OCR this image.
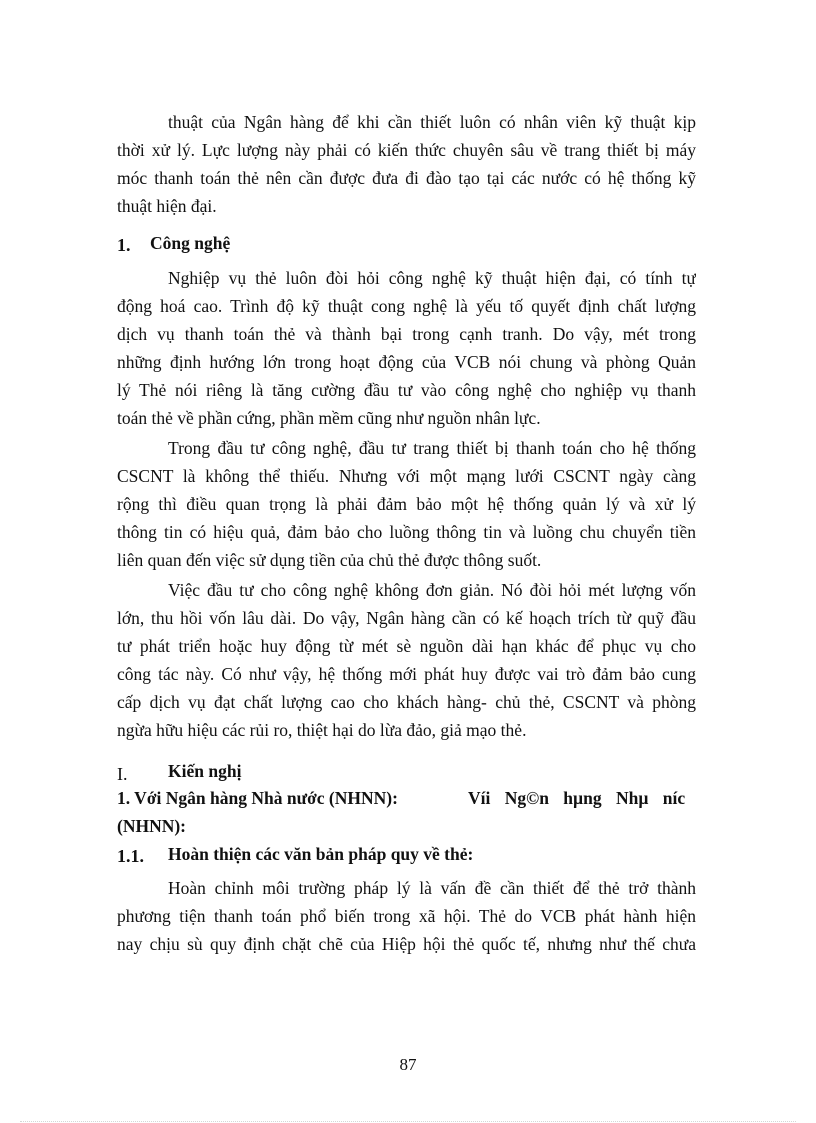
thuật của Ngân hàng để khi cần thiết luôn có nhân viên kỹ thuật kịp
thời xử lý. Lực lượng này phải có kiến thức chuyên sâu về trang thiết bị máy
móc thanh toán thẻ nên cần được đưa đi đào tạo tại các nước có hệ thống kỹ
thuật hiện đại.
1. Công nghệ
Nghiệp vụ thẻ luôn đòi hỏi công nghệ kỹ thuật hiện đại, có tính tự
động hoá cao. Trình độ kỹ thuật cong nghệ là yếu tố quyết định chất lượng
dịch vụ thanh toán thẻ và thành bại trong cạnh tranh. Do vậy, mét trong
những định hướng lớn trong hoạt động của VCB nói chung và phòng Quản
lý Thẻ nói riêng là tăng cường đầu tư vào công nghệ cho nghiệp vụ thanh
toán thẻ về phần cứng, phần mềm cũng như nguồn nhân lực.
Trong đầu tư công nghệ, đầu tư trang thiết bị thanh toán cho hệ thống
CSCNT là không thể thiếu. Nhưng với một mạng lưới CSCNT ngày càng
rộng thì điều quan trọng là phải đảm bảo một hệ thống quản lý và xử lý
thông tin có hiệu quả, đảm bảo cho luồng thông tin và luồng chu chuyển tiền
liên quan đến việc sử dụng tiền của chủ thẻ được thông suốt.
Việc đầu tư cho công nghệ không đơn giản. Nó đòi hỏi mét lượng vốn
lớn, thu hồi vốn lâu dài. Do vậy, Ngân hàng cần có kế hoạch trích từ quỹ đầu
tư phát triển hoặc huy động từ mét sè nguồn dài hạn khác để phục vụ cho
công tác này. Có như vậy, hệ thống mới phát huy được vai trò đảm bảo cung
cấp dịch vụ đạt chất lượng cao cho khách hàng- chủ thẻ, CSCNT và phòng
ngừa hữu hiệu các rủi ro, thiệt hại do lừa đảo, giả mạo thẻ.
I. Kiến nghị
1. Với Ngân hàng Nhà nước (NHNN):	Víi Ng©n hµng Nhµ níc
(NHNN):
1.1. Hoàn thiện các văn bản pháp quy về thẻ:
Hoàn chỉnh môi trường pháp lý là vấn đề cần thiết để thẻ trở thành
phương tiện thanh toán phổ biến trong xã hội. Thẻ do VCB phát hành hiện
nay chịu sù quy định chặt chẽ của Hiệp hội thẻ quốc tế, nhưng như thế chưa
87
